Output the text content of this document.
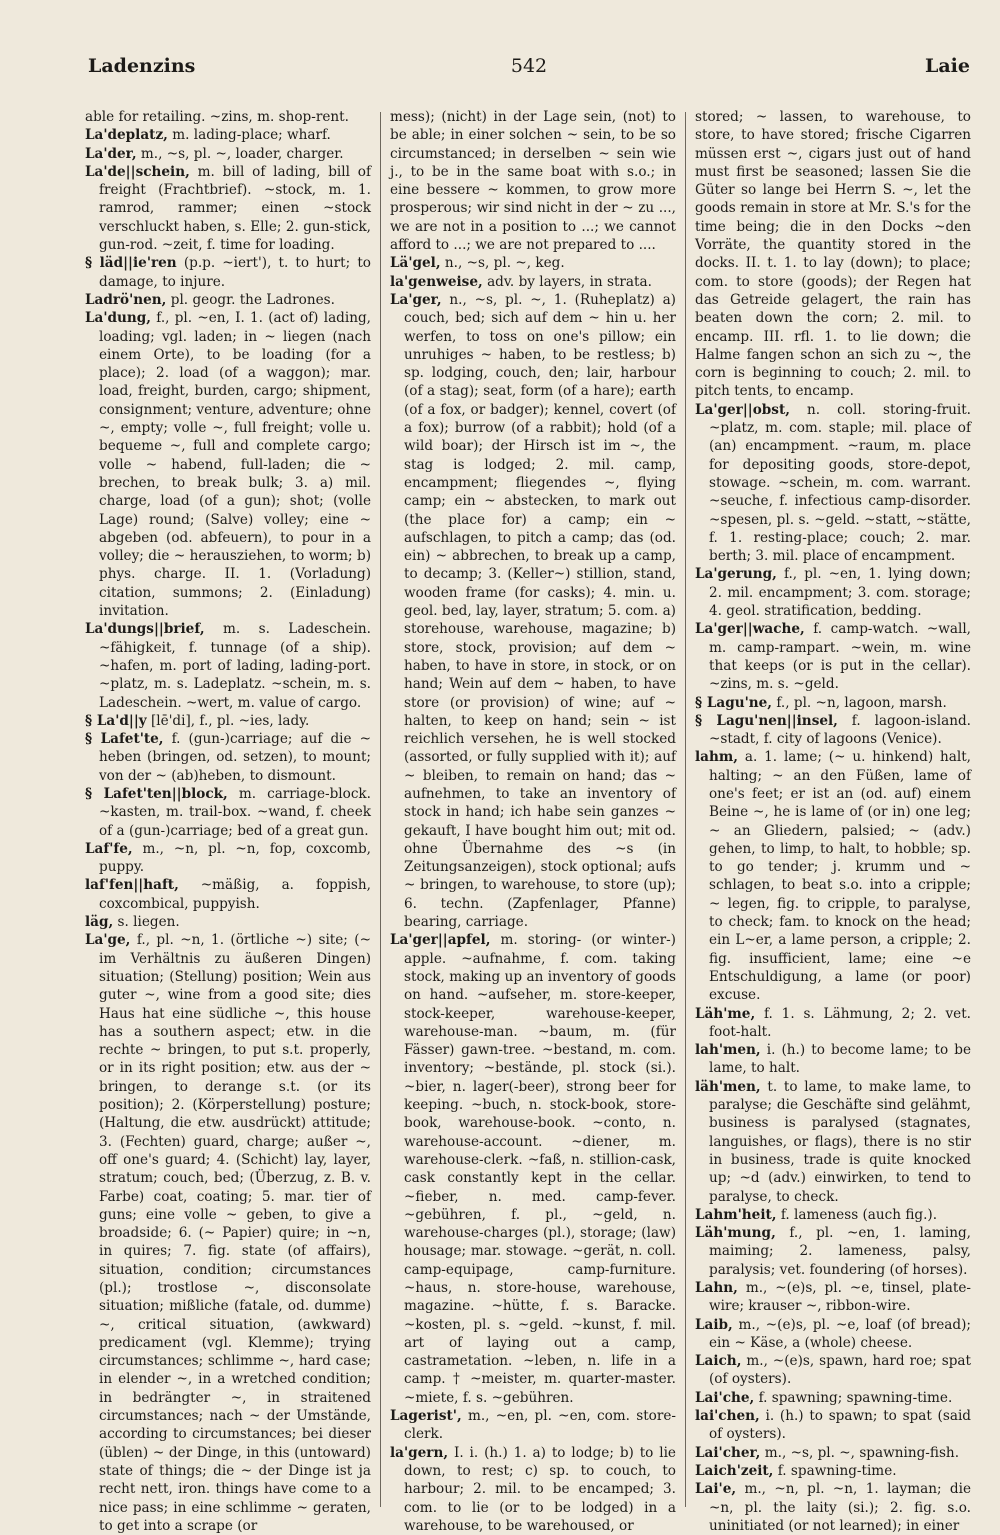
Ladenzins	542	Laie

able for retailing. ~zins, m. shop-rent.

La'deplatz, m. lading-place; wharf.

La'der, m., ~s, pl. ~, loader, charger.

La'de||schein, m. bill of lading, bill of freight (Frachtbrief). ~stock, m. 1. ramrod, rammer; einen ~stock verschluckt haben, s. Elle; 2. gun-stick, gun-rod. ~zeit, f. time for loading.

§ läd||ie'ren (p.p. ~iert'), t. to hurt; to damage, to injure.

Ladrö'nen, pl. geogr. the Ladrones.

La'dung, f., pl. ~en, I. 1. (act of) lading, loading; vgl. laden; in ~ liegen (nach einem Orte), to be loading (for a place); 2. load (of a waggon); mar. load, freight, burden, cargo; shipment, consignment; venture, adventure; ohne ~, empty; volle ~, full freight; volle u. bequeme ~, full and complete cargo; volle ~ habend, full-laden; die ~ brechen, to break bulk; 3. a) mil. charge, load (of a gun); shot; (volle Lage) round; (Salve) volley; eine ~ abgeben (od. abfeuern), to pour in a volley; die ~ herausziehen, to worm; b) phys. charge. II. 1. (Vorladung) citation, summons; 2. (Einladung) invitation.

La'dungs||brief, m. s. Ladeschein. ~fähigkeit, f. tunnage (of a ship). ~hafen, m. port of lading, lading-port. ~platz, m. s. Ladeplatz. ~schein, m. s. Ladeschein. ~wert, m. value of cargo.

§ La'd||y [lē'di], f., pl. ~ies, lady.

§ Lafet'te, f. (gun-)carriage; auf die ~ heben (bringen, od. setzen), to mount; von der ~ (ab)heben, to dismount.

§ Lafet'ten||block, m. carriage-block. ~kasten, m. trail-box. ~wand, f. cheek of a (gun-)carriage; bed of a great gun.

Laf'fe, m., ~n, pl. ~n, fop, coxcomb, puppy.

laf'fen||haft, ~mäßig, a. foppish, coxcombical, puppyish.

läg, s. liegen.

La'ge, f., pl. ~n, 1. (örtliche ~) site; (~ im Verhältnis zu äußeren Dingen) situation; (Stellung) position; Wein aus guter ~, wine from a good site; dies Haus hat eine südliche ~, this house has a southern aspect; etw. in die rechte ~ bringen, to put s.t. properly, or in its right position; etw. aus der ~ bringen, to derange s.t. (or its position); 2. (Körperstellung) posture; (Haltung, die etw. ausdrückt) attitude; 3. (Fechten) guard, charge; außer ~, off one's guard; 4. (Schicht) lay, layer, stratum; couch, bed; (Überzug, z. B. v. Farbe) coat, coating; 5. mar. tier of guns; eine volle ~ geben, to give a broadside; 6. (~ Papier) quire; in ~n, in quires; 7. fig. state (of affairs), situation, condition; circumstances (pl.); trostlose ~, disconsolate situation; mißliche (fatale, od. dumme) ~, critical situation, (awkward) predicament (vgl. Klemme); trying circumstances; schlimme ~, hard case; in elender ~, in a wretched condition; in bedrängter ~, in straitened circumstances; nach ~ der Umstände, according to circumstances; bei dieser (üblen) ~ der Dinge, in this (untoward) state of things; die ~ der Dinge ist ja recht nett, iron. things have come to a nice pass; in eine schlimme ~ geraten, to get into a scrape (or

mess); (nicht) in der Lage sein, (not) to be able; in einer solchen ~ sein, to be so circumstanced; in derselben ~ sein wie j., to be in the same boat with s.o.; in eine bessere ~ kommen, to grow more prosperous; wir sind nicht in der ~ zu ..., we are not in a position to ...; we cannot afford to ...; we are not prepared to ....

Lä'gel, n., ~s, pl. ~, keg.

la'genweise, adv. by layers, in strata.

La'ger, n., ~s, pl. ~, 1. (Ruheplatz) a) couch, bed; sich auf dem ~ hin u. her werfen, to toss on one's pillow; ein unruhiges ~ haben, to be restless; b) sp. lodging, couch, den; lair, harbour (of a stag); seat, form (of a hare); earth (of a fox, or badger); kennel, covert (of a fox); burrow (of a rabbit); hold (of a wild boar); der Hirsch ist im ~, the stag is lodged; 2. mil. camp, encampment; fliegendes ~, flying camp; ein ~ abstecken, to mark out (the place for) a camp; ein ~ aufschlagen, to pitch a camp; das (od. ein) ~ abbrechen, to break up a camp, to decamp; 3. (Keller~) stillion, stand, wooden frame (for casks); 4. min. u. geol. bed, lay, layer, stratum; 5. com. a) storehouse, warehouse, magazine; b) store, stock, provision; auf dem ~ haben, to have in store, in stock, or on hand; Wein auf dem ~ haben, to have store (or provision) of wine; auf ~ halten, to keep on hand; sein ~ ist reichlich versehen, he is well stocked (assorted, or fully supplied with it); auf ~ bleiben, to remain on hand; das ~ aufnehmen, to take an inventory of stock in hand; ich habe sein ganzes ~ gekauft, I have bought him out; mit od. ohne Übernahme des ~s (in Zeitungsanzeigen), stock optional; aufs ~ bringen, to warehouse, to store (up); 6. techn. (Zapfenlager, Pfanne) bearing, carriage.

La'ger||apfel, m. storing- (or winter-) apple. ~aufnahme, f. com. taking stock, making up an inventory of goods on hand. ~aufseher, m. store-keeper, stock-keeper, warehouse-keeper, warehouse-man. ~baum, m. (für Fässer) gawn-tree. ~bestand, m. com. inventory; ~bestände, pl. stock (si.). ~bier, n. lager(-beer), strong beer for keeping. ~buch, n. stock-book, store-book, warehouse-book. ~conto, n. warehouse-account. ~diener, m. warehouse-clerk. ~faß, n. stillion-cask, cask constantly kept in the cellar. ~fieber, n. med. camp-fever. ~gebühren, f. pl., ~geld, n. warehouse-charges (pl.), storage; (law) housage; mar. stowage. ~gerät, n. coll. camp-equipage, camp-furniture. ~haus, n. store-house, warehouse, magazine. ~hütte, f. s. Baracke. ~kosten, pl. s. ~geld. ~kunst, f. mil. art of laying out a camp, castrametation. ~leben, n. life in a camp. † ~meister, m. quarter-master. ~miete, f. s. ~gebühren.

Lagerist', m., ~en, pl. ~en, com. store-clerk.

la'gern, I. i. (h.) 1. a) to lodge; b) to lie down, to rest; c) sp. to couch, to harbour; 2. mil. to be encamped; 3. com. to lie (or to be lodged) in a warehouse, to be warehoused, or

stored; ~ lassen, to warehouse, to store, to have stored; frische Cigarren müssen erst ~, cigars just out of hand must first be seasoned; lassen Sie die Güter so lange bei Herrn S. ~, let the goods remain in store at Mr. S.'s for the time being; die in den Docks ~den Vorräte, the quantity stored in the docks. II. t. 1. to lay (down); to place; com. to store (goods); der Regen hat das Getreide gelagert, the rain has beaten down the corn; 2. mil. to encamp. III. rfl. 1. to lie down; die Halme fangen schon an sich zu ~, the corn is beginning to couch; 2. mil. to pitch tents, to encamp.

La'ger||obst, n. coll. storing-fruit. ~platz, m. com. staple; mil. place of (an) encampment. ~raum, m. place for depositing goods, store-depot, stowage. ~schein, m. com. warrant. ~seuche, f. infectious camp-disorder. ~spesen, pl. s. ~geld. ~statt, ~stätte, f. 1. resting-place; couch; 2. mar. berth; 3. mil. place of encampment.

La'gerung, f., pl. ~en, 1. lying down; 2. mil. encampment; 3. com. storage; 4. geol. stratification, bedding.

La'ger||wache, f. camp-watch. ~wall, m. camp-rampart. ~wein, m. wine that keeps (or is put in the cellar). ~zins, m. s. ~geld.

§ Lagu'ne, f., pl. ~n, lagoon, marsh.

§ Lagu'nen||insel, f. lagoon-island. ~stadt, f. city of lagoons (Venice).

lahm, a. 1. lame; (~ u. hinkend) halt, halting; ~ an den Füßen, lame of one's feet; er ist an (od. auf) einem Beine ~, he is lame of (or in) one leg; ~ an Gliedern, palsied; ~ (adv.) gehen, to limp, to halt, to hobble; sp. to go tender; j. krumm und ~ schlagen, to beat s.o. into a cripple; ~ legen, fig. to cripple, to paralyse, to check; fam. to knock on the head; ein L~er, a lame person, a cripple; 2. fig. insufficient, lame; eine ~e Entschuldigung, a lame (or poor) excuse.

Läh'me, f. 1. s. Lähmung, 2; 2. vet. foot-halt.

lah'men, i. (h.) to become lame; to be lame, to halt.

läh'men, t. to lame, to make lame, to paralyse; die Geschäfte sind gelähmt, business is paralysed (stagnates, languishes, or flags), there is no stir in business, trade is quite knocked up; ~d (adv.) einwirken, to tend to paralyse, to check.

Lahm'heit, f. lameness (auch fig.).

Läh'mung, f., pl. ~en, 1. laming, maiming; 2. lameness, palsy, paralysis; vet. foundering (of horses).

Lahn, m., ~(e)s, pl. ~e, tinsel, plate-wire; krauser ~, ribbon-wire.

Laib, m., ~(e)s, pl. ~e, loaf (of bread); ein ~ Käse, a (whole) cheese.

Laich, m., ~(e)s, spawn, hard roe; spat (of oysters).

Lai'che, f. spawning; spawning-time.

lai'chen, i. (h.) to spawn; to spat (said of oysters).

Lai'cher, m., ~s, pl. ~, spawning-fish.

Laich'zeit, f. spawning-time.

Lai'e, m., ~n, pl. ~n, 1. layman; die ~n, pl. the laity (si.); 2. fig. s.o. uninitiated (or not learned); in einer
